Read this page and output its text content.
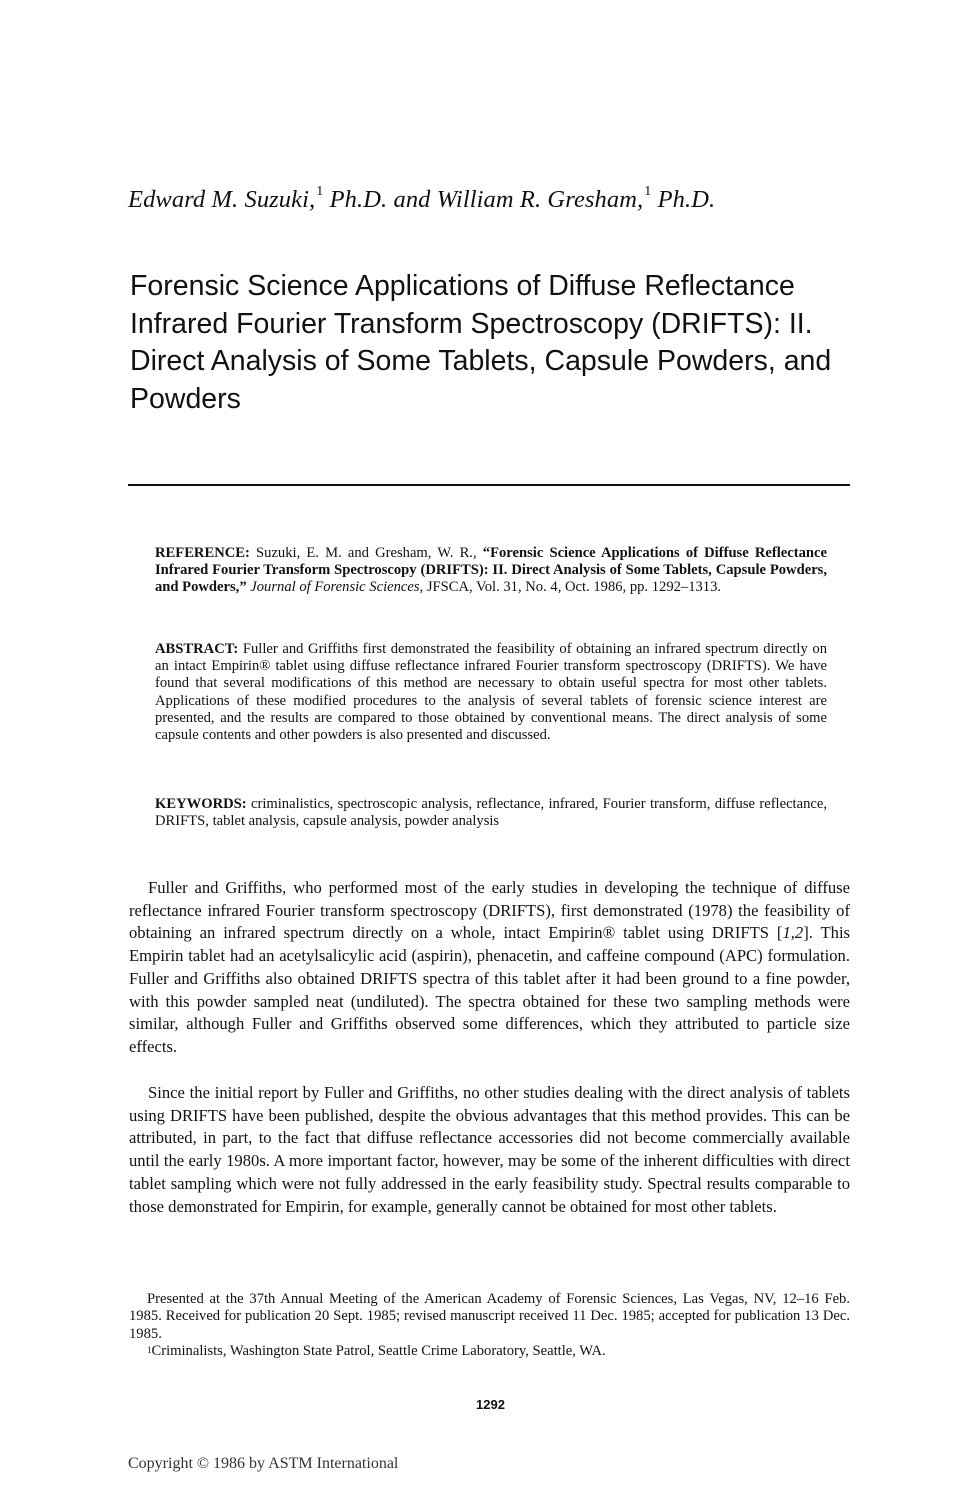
Edward M. Suzuki,$^1$ Ph.D. and William R. Gresham,$^1$ Ph.D.
Forensic Science Applications of Diffuse Reflectance Infrared Fourier Transform Spectroscopy (DRIFTS): II. Direct Analysis of Some Tablets, Capsule Powders, and Powders
REFERENCE: Suzuki, E. M. and Gresham, W. R., “Forensic Science Applications of Diffuse Reflectance Infrared Fourier Transform Spectroscopy (DRIFTS): II. Direct Analysis of Some Tablets, Capsule Powders, and Powders,” Journal of Forensic Sciences, JFSCA, Vol. 31, No. 4, Oct. 1986, pp. 1292–1313.
ABSTRACT: Fuller and Griffiths first demonstrated the feasibility of obtaining an infrared spectrum directly on an intact Empirin® tablet using diffuse reflectance infrared Fourier transform spectroscopy (DRIFTS). We have found that several modifications of this method are necessary to obtain useful spectra for most other tablets. Applications of these modified procedures to the analysis of several tablets of forensic science interest are presented, and the results are compared to those obtained by conventional means. The direct analysis of some capsule contents and other powders is also presented and discussed.
KEYWORDS: criminalistics, spectroscopic analysis, reflectance, infrared, Fourier transform, diffuse reflectance, DRIFTS, tablet analysis, capsule analysis, powder analysis

Fuller and Griffiths, who performed most of the early studies in developing the technique of diffuse reflectance infrared Fourier transform spectroscopy (DRIFTS), first demonstrated (1978) the feasibility of obtaining an infrared spectrum directly on a whole, intact Empirin® tablet using DRIFTS [1,2]. This Empirin tablet had an acetylsalicylic acid (aspirin), phenacetin, and caffeine compound (APC) formulation. Fuller and Griffiths also obtained DRIFTS spectra of this tablet after it had been ground to a fine powder, with this powder sampled neat (undiluted). The spectra obtained for these two sampling methods were similar, although Fuller and Griffiths observed some differences, which they attributed to particle size effects.

Since the initial report by Fuller and Griffiths, no other studies dealing with the direct analysis of tablets using DRIFTS have been published, despite the obvious advantages that this method provides. This can be attributed, in part, to the fact that diffuse reflectance accessories did not become commercially available until the early 1980s. A more important factor, however, may be some of the inherent difficulties with direct tablet sampling which were not fully addressed in the early feasibility study. Spectral results comparable to those demonstrated for Empirin, for example, generally cannot be obtained for most other tablets.

Presented at the 37th Annual Meeting of the American Academy of Forensic Sciences, Las Vegas, NV, 12–16 Feb. 1985. Received for publication 20 Sept. 1985; revised manuscript received 11 Dec. 1985; accepted for publication 13 Dec. 1985.

$^1$Criminalists, Washington State Patrol, Seattle Crime Laboratory, Seattle, WA.

1292
Copyright © 1986 by ASTM International
